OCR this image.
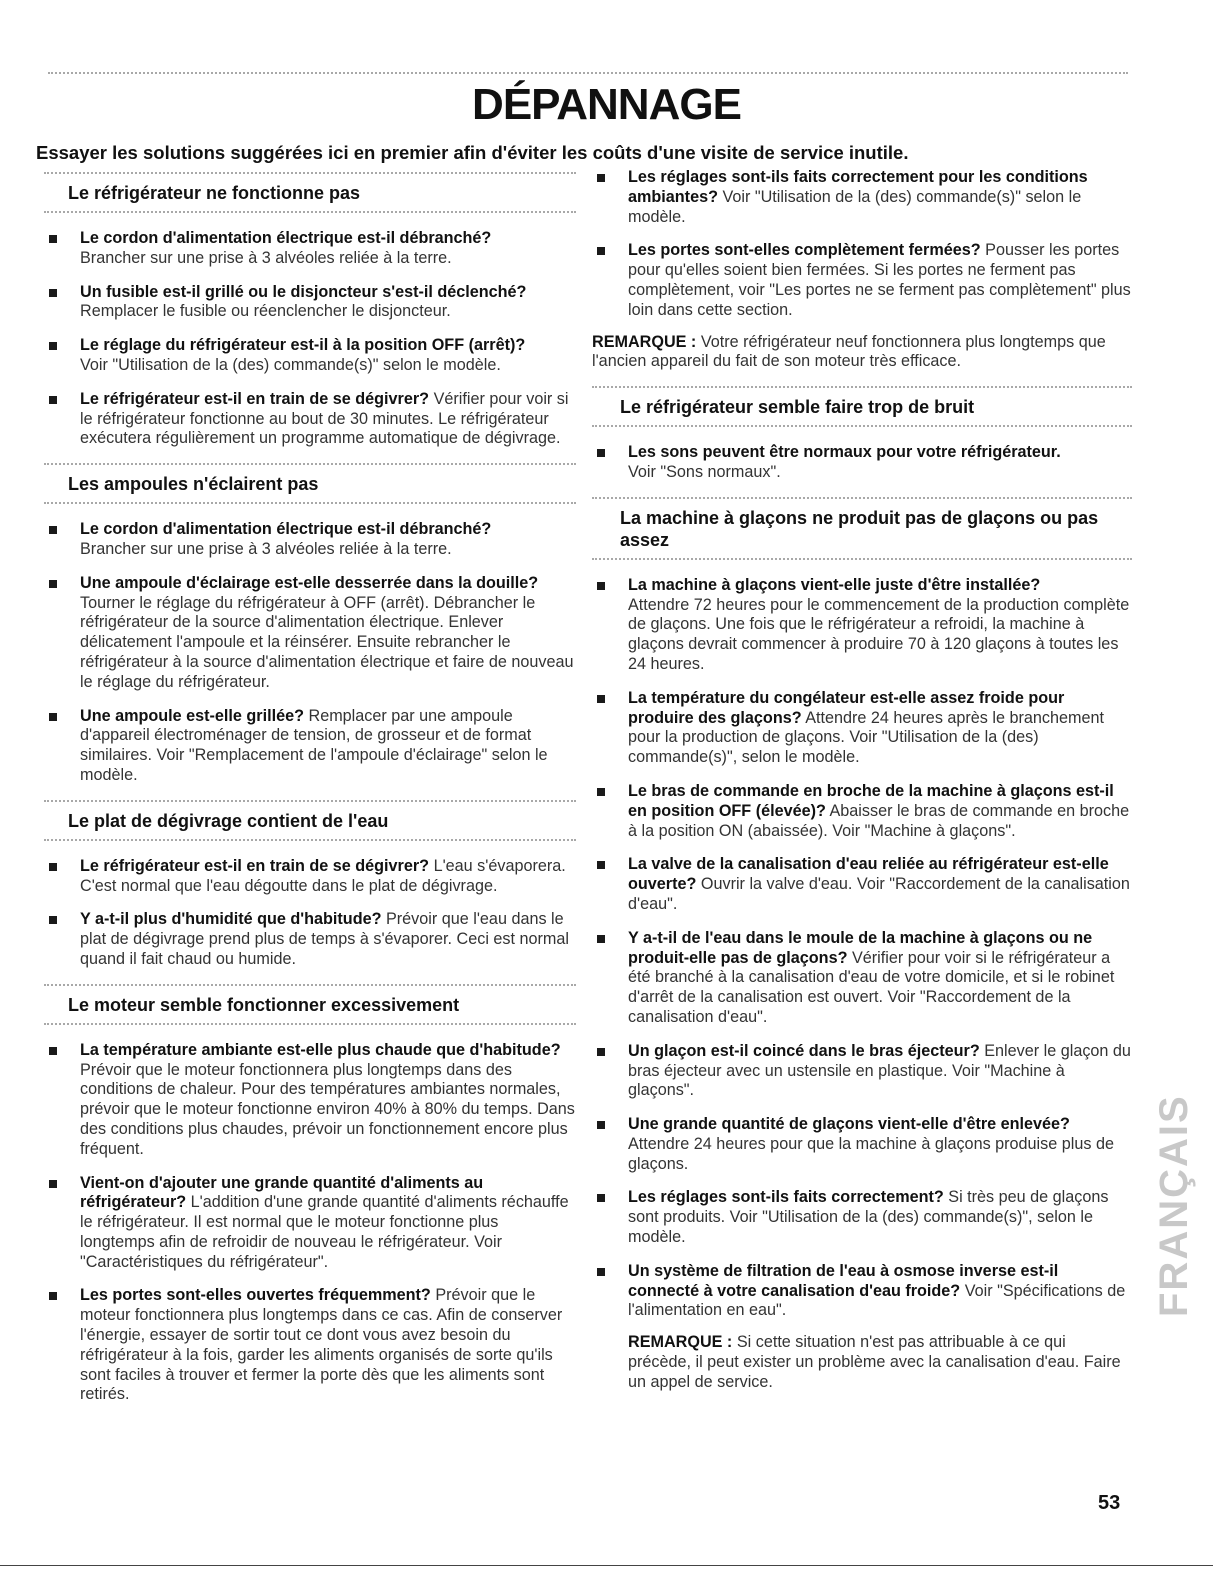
DÉPANNAGE
Essayer les solutions suggérées ici en premier afin d'éviter les coûts d'une visite de service inutile.
Le réfrigérateur ne fonctionne pas
Le cordon d'alimentation électrique est-il débranché?
Brancher sur une prise à 3 alvéoles reliée à la terre.
Un fusible est-il grillé ou le disjoncteur s'est-il déclenché?
Remplacer le fusible ou réenclencher le disjoncteur.
Le réglage du réfrigérateur est-il à la position OFF (arrêt)?
Voir "Utilisation de la (des) commande(s)" selon le modèle.
Le réfrigérateur est-il en train de se dégivrer? Vérifier pour voir si le réfrigérateur fonctionne au bout de 30 minutes. Le réfrigérateur exécutera régulièrement un programme automatique de dégivrage.
Les ampoules n'éclairent pas
Le cordon d'alimentation électrique est-il débranché?
Brancher sur une prise à 3 alvéoles reliée à la terre.
Une ampoule d'éclairage est-elle desserrée dans la douille? Tourner le réglage du réfrigérateur à OFF (arrêt). Débrancher le réfrigérateur de la source d'alimentation électrique. Enlever délicatement l'ampoule et la réinsérer. Ensuite rebrancher le réfrigérateur à la source d'alimentation électrique et faire de nouveau le réglage du réfrigérateur.
Une ampoule est-elle grillée? Remplacer par une ampoule d'appareil électroménager de tension, de grosseur et de format similaires. Voir "Remplacement de l'ampoule d'éclairage" selon le modèle.
Le plat de dégivrage contient de l'eau
Le réfrigérateur est-il en train de se dégivrer? L'eau s'évaporera. C'est normal que l'eau dégoutte dans le plat de dégivrage.
Y a-t-il plus d'humidité que d'habitude? Prévoir que l'eau dans le plat de dégivrage prend plus de temps à s'évaporer. Ceci est normal quand il fait chaud ou humide.
Le moteur semble fonctionner excessivement
La température ambiante est-elle plus chaude que d'habitude? Prévoir que le moteur fonctionnera plus longtemps dans des conditions de chaleur. Pour des températures ambiantes normales, prévoir que le moteur fonctionne environ 40% à 80% du temps. Dans des conditions plus chaudes, prévoir un fonctionnement encore plus fréquent.
Vient-on d'ajouter une grande quantité d'aliments au réfrigérateur? L'addition d'une grande quantité d'aliments réchauffe le réfrigérateur. Il est normal que le moteur fonctionne plus longtemps afin de refroidir de nouveau le réfrigérateur. Voir "Caractéristiques du réfrigérateur".
Les portes sont-elles ouvertes fréquemment? Prévoir que le moteur fonctionnera plus longtemps dans ce cas. Afin de conserver l'énergie, essayer de sortir tout ce dont vous avez besoin du réfrigérateur à la fois, garder les aliments organisés de sorte qu'ils sont faciles à trouver et fermer la porte dès que les aliments sont retirés.
Les réglages sont-ils faits correctement pour les conditions ambiantes? Voir "Utilisation de la (des) commande(s)" selon le modèle.
Les portes sont-elles complètement fermées? Pousser les portes pour qu'elles soient bien fermées. Si les portes ne ferment pas complètement, voir "Les portes ne se ferment pas complètement" plus loin dans cette section.
REMARQUE : Votre réfrigérateur neuf fonctionnera plus longtemps que l'ancien appareil du fait de son moteur très efficace.
Le réfrigérateur semble faire trop de bruit
Les sons peuvent être normaux pour votre réfrigérateur.
Voir "Sons normaux".
La machine à glaçons ne produit pas de glaçons ou pas assez
La machine à glaçons vient-elle juste d'être installée?
Attendre 72 heures pour le commencement de la production complète de glaçons. Une fois que le réfrigérateur a refroidi, la machine à glaçons devrait commencer à produire 70 à 120 glaçons à toutes les 24 heures.
La température du congélateur est-elle assez froide pour produire des glaçons? Attendre 24 heures après le branchement pour la production de glaçons. Voir "Utilisation de la (des) commande(s)", selon le modèle.
Le bras de commande en broche de la machine à glaçons est-il en position OFF (élevée)? Abaisser le bras de commande en broche à la position ON (abaissée). Voir "Machine à glaçons".
La valve de la canalisation d'eau reliée au réfrigérateur est-elle ouverte? Ouvrir la valve d'eau. Voir "Raccordement de la canalisation d'eau".
Y a-t-il de l'eau dans le moule de la machine à glaçons ou ne produit-elle pas de glaçons? Vérifier pour voir si le réfrigérateur a été branché à la canalisation d'eau de votre domicile, et si le robinet d'arrêt de la canalisation est ouvert. Voir "Raccordement de la canalisation d'eau".
Un glaçon est-il coincé dans le bras éjecteur? Enlever le glaçon du bras éjecteur avec un ustensile en plastique. Voir "Machine à glaçons".
Une grande quantité de glaçons vient-elle d'être enlevée?
Attendre 24 heures pour que la machine à glaçons produise plus de glaçons.
Les réglages sont-ils faits correctement? Si très peu de glaçons sont produits. Voir "Utilisation de la (des) commande(s)", selon le modèle.
Un système de filtration de l'eau à osmose inverse est-il connecté à votre canalisation d'eau froide? Voir "Spécifications de l'alimentation en eau".
REMARQUE : Si cette situation n'est pas attribuable à ce qui précède, il peut exister un problème avec la canalisation d'eau. Faire un appel de service.
FRANÇAIS
53
